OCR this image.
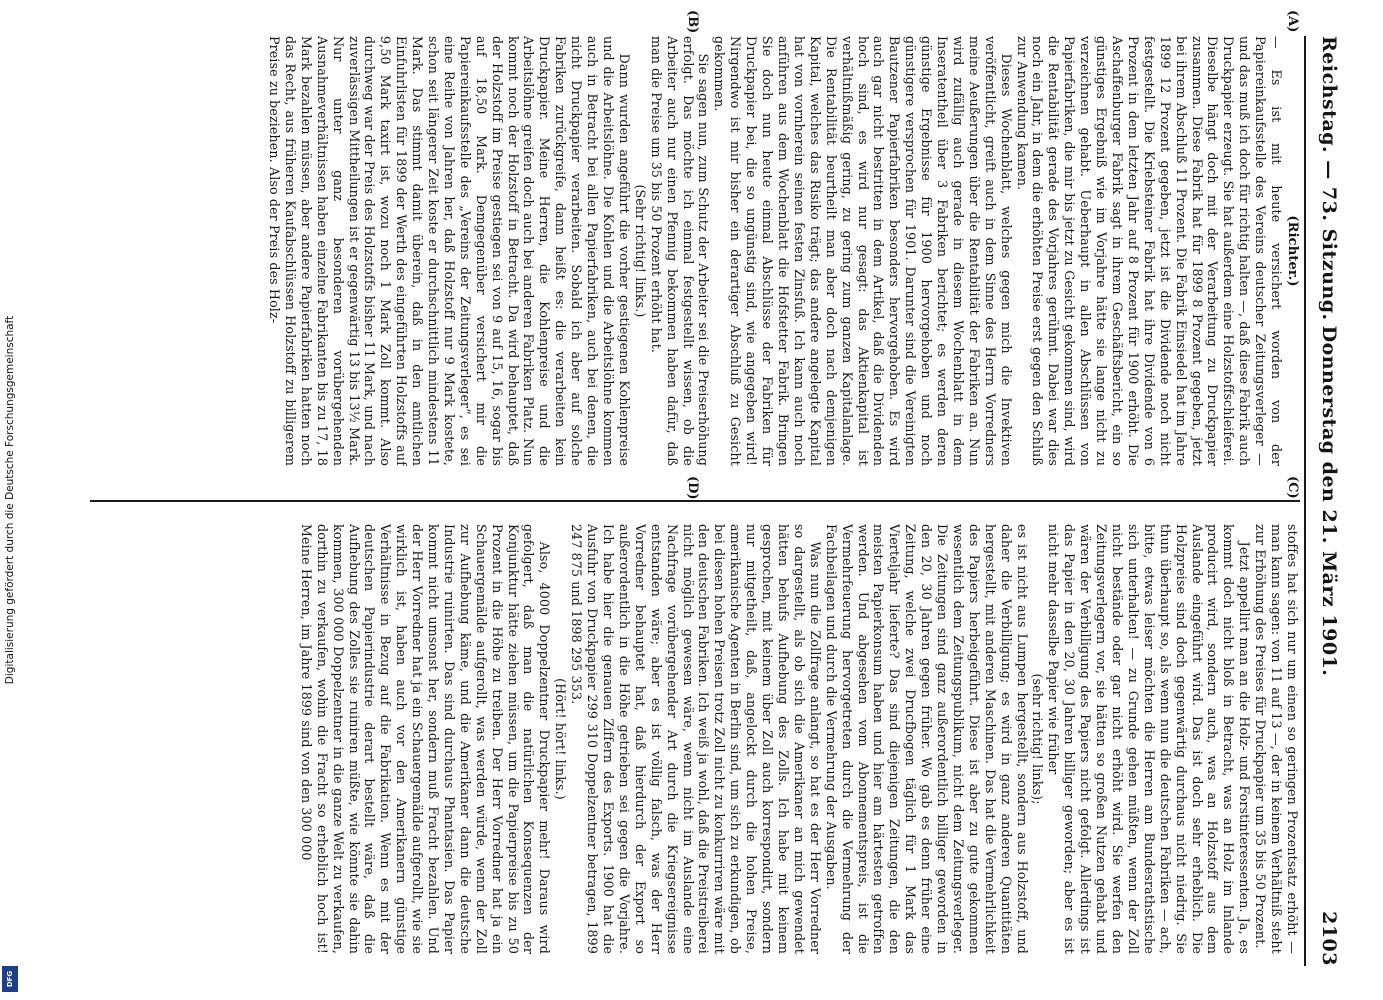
Digitalisierung gefördert durch die Deutsche Forschungsgemeinschaft
DFG
Reichstag. — 73. Sitzung.
Donnerstag den 21. März 1901.
2103
(A)
(B)
(C)
(D)

(Richter.)

— Es ist mit heute versichert worden von der Papiereinkaufsstelle des Vereins deutscher Zeitungsverleger — und das muß ich doch für richtig halten —, daß diese Fabrik auch Druckpapier erzeugt. Sie hat außerdem eine Holzstoffschleiferei. Dieselbe hängt doch mit der Verarbeitung zu Druckpapier zusammen. Diese Fabrik hat für 1899 8 Prozent gegeben, jetzt bei ihrem Abschluß 11 Prozent. Die Fabrik Einsiedel hat im Jahre 1899 12 Prozent gegeben, jetzt ist die Dividende noch nicht festgestellt. Die Kriebsteiner Fabrik hat ihre Dividende von 6 Prozent in dem letzten Jahr auf 8 Prozent für 1900 erhöht. Die Aschaffenburger Fabrik sagt in ihrem Geschäftsbericht, ein so günstiges Ergebniß wie im Vorjahre hätte sie lange nicht zu verzeichnen gehabt. Ueberhaupt in allen Abschlüssen von Papierfabriken, die mir bis jetzt zu Gesicht gekommen sind, wird die Rentabilität gerade des Vorjahres gerühmt. Dabei war dies noch ein Jahr, in dem die erhöhten Preise erst gegen den Schluß zur Anwendung kamen.

Dieses Wochenblatt, welches gegen mich die Invektiven veröffentlicht, greift auch in dem Sinne des Herrn Vorredners meine Aeußerungen über die Rentabilität der Fabriken an. Nun wird zufällig auch gerade in diesem Wochenblatt in dem Inseratentheil über 3 Fabriken berichtet; es werden deren günstige Ergebnisse für 1900 hervorgehoben und noch günstigere versprochen für 1901. Darunter sind die Vereinigten Bautzener Papierfabriken besonders hervorgehoben. Es wird auch gar nicht bestritten in dem Artikel, daß die Dividenden hoch sind, es wird nur gesagt: das Aktienkapital ist verhältnißmäßig gering, zu gering zum ganzen Kapitalanlage. Die Rentabilität beurtheilt man aber doch nach demjenigen Kapital, welches das Risiko trägt; das andere angelegte Kapital hat von vornherein seinen festen Zinsfuß. Ich kann auch noch anführen aus dem Wochenblatt die Hofstetter Fabrik. Bringen Sie doch nun heute einmal Abschlüsse der Fabriken für Druckpapier bei, die so ungünstig sind, wie angegeben wird! Nirgendwo ist mir bisher ein derartiger Abschluß zu Gesicht gekommen.

Sie sagen nun, zum Schutz der Arbeiter sei die Preiserhöhung erfolgt. Das möchte ich einmal festgestellt wissen, ob die Arbeiter auch nur einen Pfennig bekommen haben dafür, daß man die Preise um 35 bis 50 Prozent erhöht hat.

(Sehr richtig! links.)

Dann wurden angeführt die vorher gestiegenen Kohlenpreise und die Arbeitslöhne. Die Kohlen und die Arbeitslöhne kommen auch in Betracht bei allen Papierfabriken, auch bei denen, die nicht Druckpapier verarbeiten. Sobald ich aber auf solche Fabriken zurückgreife, dann heißt es: die verarbeiten kein Druckpapier. Meine Herren, die Kohlenpreise und die Arbeitslöhne greifen doch auch bei anderen Fabriken Platz. Nun kommt noch der Holzstoff in Betracht. Da wird behauptet, daß der Holzstoff im Preise gestiegen sei von 9 auf 15, 16, sogar bis auf 18,50 Mark. Demgegenüber versichert mir die Papiereinkaufsstelle des „Vereins der Zeitungsverleger“, es sei eine Reihe von Jahren her, daß Holzstoff nur 9 Mark kostete, schon seit längerer Zeit koste er durchschnittlich mindestens 11 Mark. Das stimmt damit überein, daß in den amtlichen Einfuhrlisten für 1899 der Werth des eingeführten Holzstoffs auf 9,50 Mark taxirt ist, wozu noch 1 Mark Zoll kommt. Also durchweg war der Preis des Holzstoffs bisher 11 Mark, und nach zuverlässigen Mittheilungen ist er gegenwärtig 13 bis 13½ Mark. Nur unter ganz besonderen vorübergehenden Ausnahmeverhältnissen haben einzelne Fabrikanten bis zu 17, 18 Mark bezahlen müssen, aber andere Papierfabriken hatten noch das Recht, aus früheren Kaufabschlüssen Holzstoff zu billigerem Preise zu beziehen. Also der Preis des Holz-

stoffes hat sich nur um einen so geringen Prozentsatz erhöht — man kann sagen: von 11 auf 13 —, der in keinem Verhältniß steht zur Erhöhung des Preises für Druckpapier um 35 bis 50 Prozent.

Jetzt appellirt man an die Holz- und Forstinteressenten. Ja, es kommt doch nicht bloß in Betracht, was an Holz im Inlande producirt wird, sondern auch, was an Holzstoff aus dem Auslande eingeführt wird. Das ist doch sehr erheblich. Die Holzpreise sind doch gegenwärtig durchaus nicht niedrig. Sie thun überhaupt so, als wenn nun die deutschen Fabriken — ach, bitte, etwas leiser möchten die Herren am Bundesrathstische sich unterhalten! — zu Grunde gehen müßten, wenn der Zoll nicht bestände oder gar nicht erhöht wird. Sie werfen den Zeitungsverlegern vor, sie hätten so großen Nutzen gehabt und wären der Verbilligung des Papiers nicht gefolgt. Allerdings ist das Papier in den 20, 30 Jahren billiger geworden; aber es ist nicht mehr dasselbe Papier wie früher

(sehr richtig! links);

es ist nicht aus Lumpen hergestellt, sondern aus Holzstoff, und daher die Verbilligung; es wird in ganz anderen Quantitäten hergestellt, mit anderen Maschinen. Das hat die Vermehrlichkeit des Papiers herbeigeführt. Diese ist aber zu gute gekommen wesentlich dem Zeitungspublikum, nicht dem Zeitungsverleger. Die Zeitungen sind ganz außerordentlich billiger geworden in den 20, 30 Jahren gegen früher. Wo gab es denn früher eine Zeitung, welche zwei Drucfbogen täglich für 1 Mark das Vierteljahr lieferte? Das sind diejenigen Zeitungen, die den meisten Papierkonsum haben und hier am härtesten getroffen werden. Und abgesehen vom Abonnementspreis, ist die Vermehrfeuerung hervorgetreten durch die Vermehrung der Fachbeilagen und durch die Vermehrung der Ausgaben.

Was nun die Zollfrage anlangt, so hat es der Herr Vorredner so dargestellt, als ob sich die Amerikaner an mich gewendet hätten behufs Aufhebung des Zolls. Ich habe mit keinem gesprochen, mit keinem über Zoll auch korrespondirt, sondern nur mitgetheilt, daß, angelockt durch die hohen Preise, amerikanische Agenten in Berlin sind, um sich zu erkundigen, ob bei diesen hohen Preisen trotz Zoll nicht zu konkurriren wäre mit den deutschen Fabriken. Ich weiß ja wohl, daß die Preistreiberei nicht möglich gewesen wäre, wenn nicht im Auslande eine Nachfrage vorübergehender Art durch die Kriegsereignisse entstanden wäre; aber es ist völlig falsch, was der Herr Vorredner behauptet hat, daß hierdurch der Export so außerordentlich in die Höhe getrieben sei gegen die Vorjahre. Ich habe hier die genauen Ziffern des Exports. 1900 hat die Ausfuhr von Druckpapier 299 310 Doppelzentner betragen, 1899 247 875 und 1898 295 353.

(Hört! hört! links.)

Also, 4000 Doppelzentner Druckpapier mehr! Daraus wird gefolgert, daß man die natürlichen Konsequenzen der Konjunktur hätte ziehen müssen, um die Papierpreise bis zu 50 Prozent in die Höhe zu treiben. Der Herr Vorredner hat ja ein Schauergemälde aufgerollt, was werden würde, wenn der Zoll zur Aufhebung käme, und die Amerikaner dann die deutsche Industrie ruinirten. Das sind durchaus Phantasien. Das Papier kommt nicht umsonst her, sondern muß Fracht bezahlen. Und der Herr Vorredner hat ja ein Schauergemälde aufgerollt, wie sie wirklich ist, haben auch vor den Amerikanern günstige Verhältnisse in Bezug auf die Fabrikation. Wenn es mit der deutschen Papierindustrie derart bestellt wäre, daß die Aufhebung des Zolles sie ruiniren müßte, wie könnte sie dahin kommen, 300 000 Doppelzentner in die ganze Welt zu verkaufen, dorthin zu verkaufen, wohin die Fracht so erheblich hoch ist! Meine Herren, im Jahre 1899 sind von den 300 000
